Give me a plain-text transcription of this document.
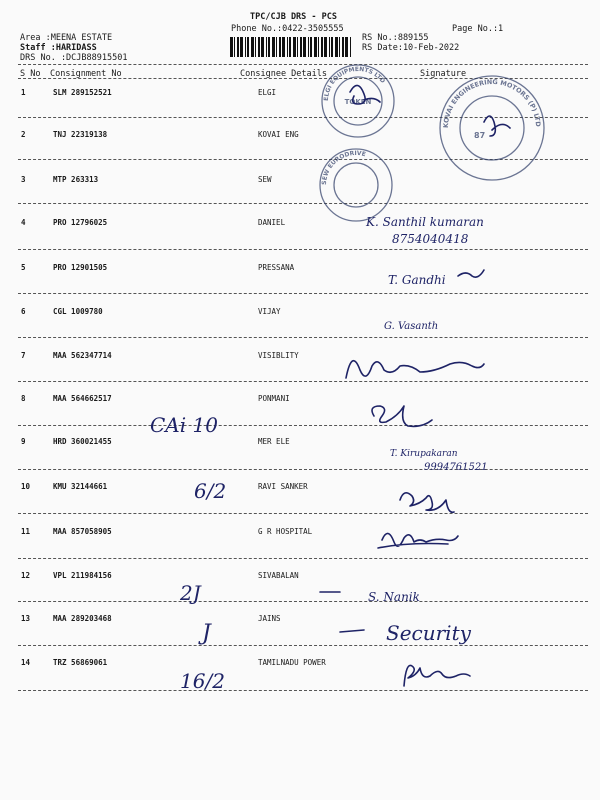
TPC/CJB DRS - PCS
Phone No.:0422-3505555	Page No.:1
Area :MEENA ESTATE
Staff :HARIDASS
DRS No. :DCJB88915501
RS No.:889155
RS Date:10-Feb-2022
S No Consignment No	Consignee Details	Signature
1	SLM 289152521	ELGI
2	TNJ 22319138	KOVAI ENG
3	MTP 263313	SEW
4	PRO 12796025	DANIEL
5	PRO 12901505	PRESSANA
6	CGL 1009780	VIJAY
7	MAA 562347714	VISIBLITY
8	MAA 564662517	PONMANI
9	HRD 360021455	MER ELE
10	KMU 32144661	RAVI SANKER
11	MAA 857058905	G R HOSPITAL
12	VPL 211984156	SIVABALAN
13	MAA 289203468	JAINS
14	TRZ 56869061	TAMILNADU POWER
ELGI EQUIPMENTS LTD
TOKEN
KOVAI ENGINEERING MOTORS (P) LTD
87
SEW EURODRIVE
K. Santhil kumaran
8754040418
T. Gandhi
G. Vasanth
CAi 10
T. Kirupakaran
9994761521
6/2
2J	S. Nanik
J	Security
16/2
